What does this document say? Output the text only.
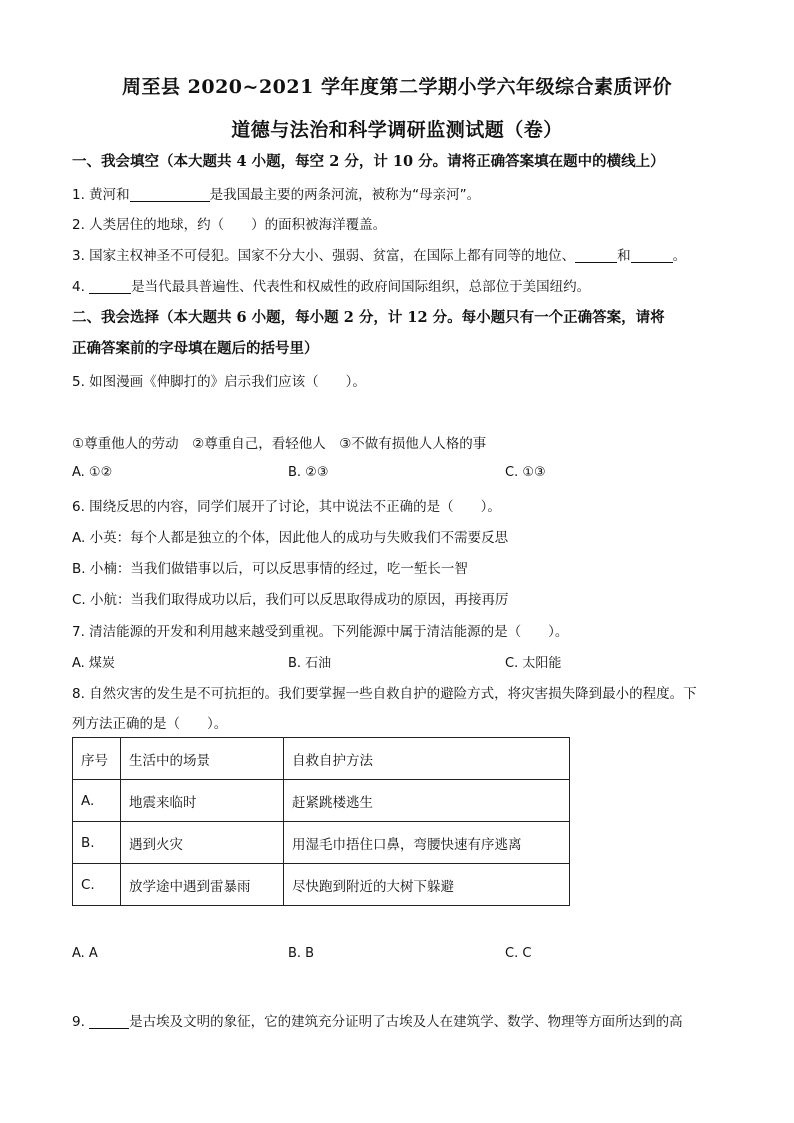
周至县 2020~2021 学年度第二学期小学六年级综合素质评价
道德与法治和科学调研监测试题（卷）
一、我会填空（本大题共 4 小题，每空 2 分，计 10 分。请将正确答案填在题中的横线上）
1. 黄河和	是我国最主要的两条河流，被称为“母亲河”。
2. 人类居住的地球，约（　　）的面积被海洋覆盖。
3. 国家主权神圣不可侵犯。国家不分大小、强弱、贫富，在国际上都有同等的地位、	和	。
4.	是当代最具普遍性、代表性和权威性的政府间国际组织，总部位于美国纽约。
二、我会选择（本大题共 6 小题，每小题 2 分，计 12 分。每小题只有一个正确答案，请将
正确答案前的字母填在题后的括号里）
5. 如图漫画《伸脚打的》启示我们应该（　　）。
①尊重他人的劳动　②尊重自己，看轻他人　③不做有损他人人格的事
A. ①②	B. ②③	C. ①③
6. 围绕反思的内容，同学们展开了讨论，其中说法不正确的是（　　）。
A. 小英：每个人都是独立的个体，因此他人的成功与失败我们不需要反思
B. 小楠：当我们做错事以后，可以反思事情的经过，吃一堑长一智
C. 小航：当我们取得成功以后，我们可以反思取得成功的原因，再接再厉
7. 清洁能源的开发和利用越来越受到重视。下列能源中属于清洁能源的是（　　）。
A. 煤炭	B. 石油	C. 太阳能
8. 自然灾害的发生是不可抗拒的。我们要掌握一些自救自护的避险方式，将灾害损失降到最小的程度。下
列方法正确的是（　　）。
序号	生活中的场景	自救自护方法
A.	地震来临时	赶紧跳楼逃生
B.	遇到火灾	用湿毛巾捂住口鼻，弯腰快速有序逃离
C.	放学途中遇到雷暴雨	尽快跑到附近的大树下躲避
A. A	B. B	C. C
9.	是古埃及文明的象征，它的建筑充分证明了古埃及人在建筑学、数学、物理等方面所达到的高
